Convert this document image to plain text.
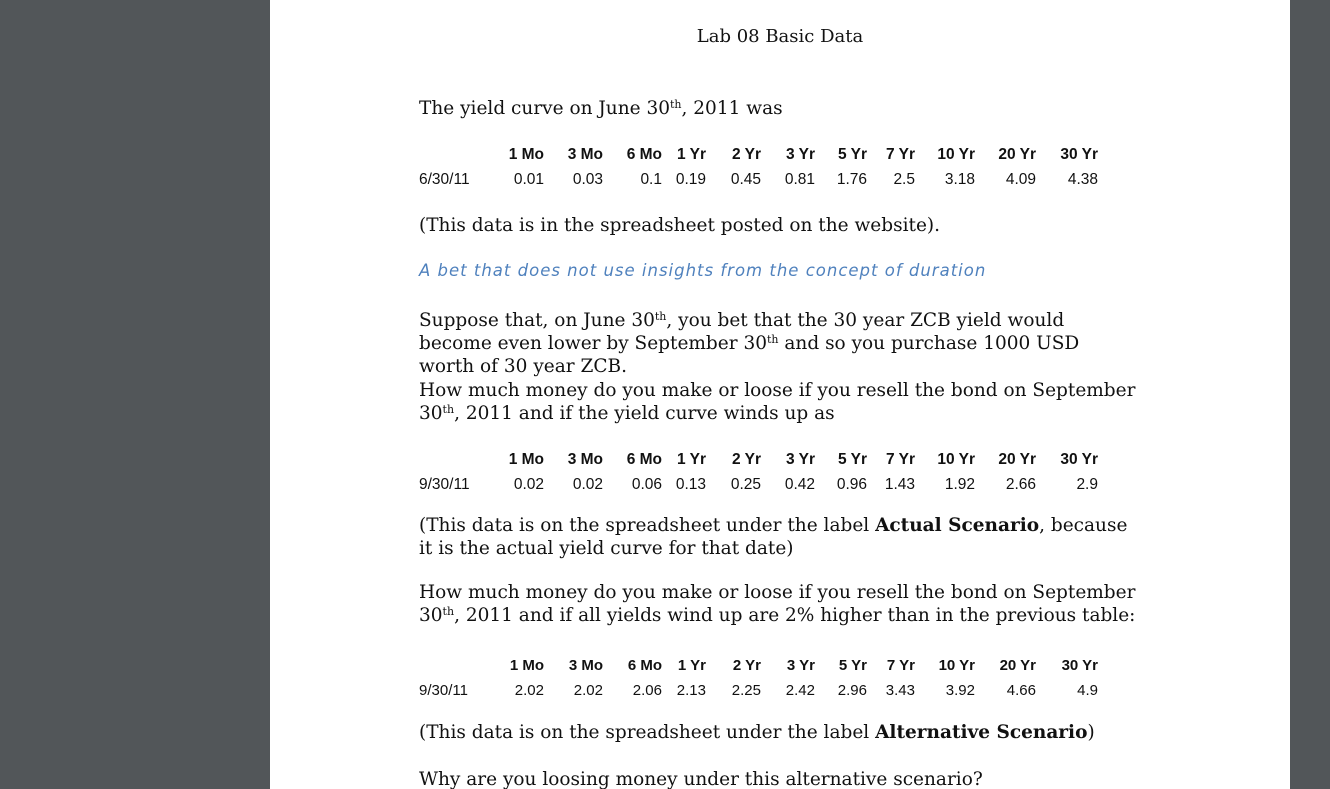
Lab 08 Basic Data
The yield curve on June 30th, 2011 was
	1 Mo	3 Mo	6 Mo	1 Yr	2 Yr	3 Yr	5 Yr	7 Yr	10 Yr	20 Yr	30 Yr
6/30/11	0.01	0.03	0.1	0.19	0.45	0.81	1.76	2.5	3.18	4.09	4.38
(This data is in the spreadsheet posted on the website).
A bet that does not use insights from the concept of duration
Suppose that, on June 30th, you bet that the 30 year ZCB yield would become even lower by September 30th and so you purchase 1000 USD worth of 30 year ZCB.
How much money do you make or loose if you resell the bond on September 30th, 2011 and if the yield curve winds up as
	1 Mo	3 Mo	6 Mo	1 Yr	2 Yr	3 Yr	5 Yr	7 Yr	10 Yr	20 Yr	30 Yr
9/30/11	0.02	0.02	0.06	0.13	0.25	0.42	0.96	1.43	1.92	2.66	2.9
(This data is on the spreadsheet under the label Actual Scenario, because it is the actual yield curve for that date)
How much money do you make or loose if you resell the bond on September 30th, 2011 and if all yields wind up are 2% higher than in the previous table:
	1 Mo	3 Mo	6 Mo	1 Yr	2 Yr	3 Yr	5 Yr	7 Yr	10 Yr	20 Yr	30 Yr
9/30/11	2.02	2.02	2.06	2.13	2.25	2.42	2.96	3.43	3.92	4.66	4.9
(This data is on the spreadsheet under the label Alternative Scenario)
Why are you loosing money under this alternative scenario?
